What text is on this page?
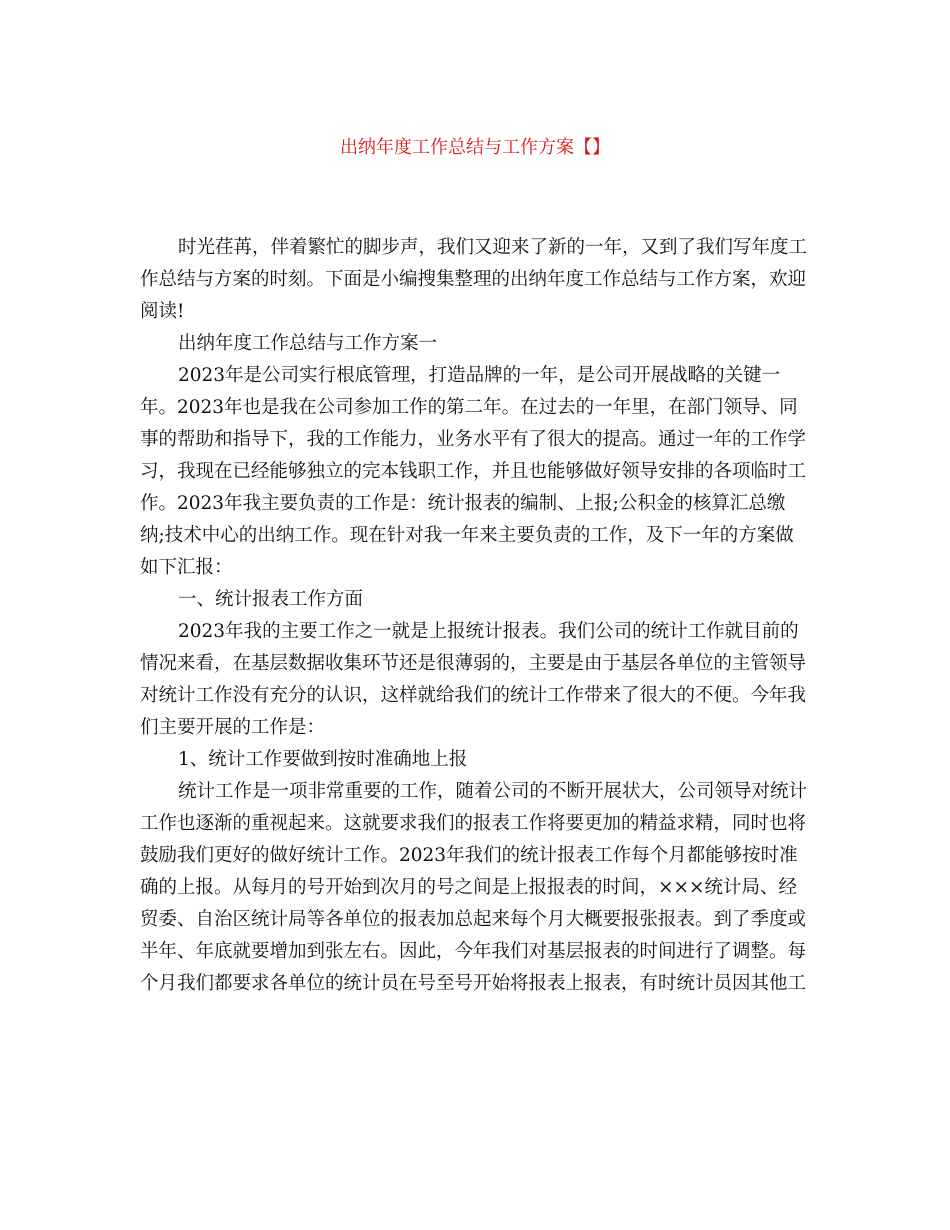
出纳年度工作总结与工作方案【】
时光荏苒，伴着繁忙的脚步声，我们又迎来了新的一年，又到了我们写年度工
作总结与方案的时刻。下面是小编搜集整理的出纳年度工作总结与工作方案，欢迎
阅读!
出纳年度工作总结与工作方案一
2023年是公司实行根底管理，打造品牌的一年，是公司开展战略的关键一
年。2023年也是我在公司参加工作的第二年。在过去的一年里，在部门领导、同
事的帮助和指导下，我的工作能力，业务水平有了很大的提高。通过一年的工作学
习，我现在已经能够独立的完本钱职工作，并且也能够做好领导安排的各项临时工
作。2023年我主要负责的工作是：统计报表的编制、上报;公积金的核算汇总缴
纳;技术中心的出纳工作。现在针对我一年来主要负责的工作，及下一年的方案做
如下汇报：
一、统计报表工作方面
2023年我的主要工作之一就是上报统计报表。我们公司的统计工作就目前的
情况来看，在基层数据收集环节还是很薄弱的，主要是由于基层各单位的主管领导
对统计工作没有充分的认识，这样就给我们的统计工作带来了很大的不便。今年我
们主要开展的工作是：
1、统计工作要做到按时准确地上报
统计工作是一项非常重要的工作，随着公司的不断开展状大，公司领导对统计
工作也逐渐的重视起来。这就要求我们的报表工作将要更加的精益求精，同时也将
鼓励我们更好的做好统计工作。2023年我们的统计报表工作每个月都能够按时准
确的上报。从每月的号开始到次月的号之间是上报报表的时间，×××统计局、经
贸委、自治区统计局等各单位的报表加总起来每个月大概要报张报表。到了季度或
半年、年底就要增加到张左右。因此，今年我们对基层报表的时间进行了调整。每
个月我们都要求各单位的统计员在号至号开始将报表上报表，有时统计员因其他工
